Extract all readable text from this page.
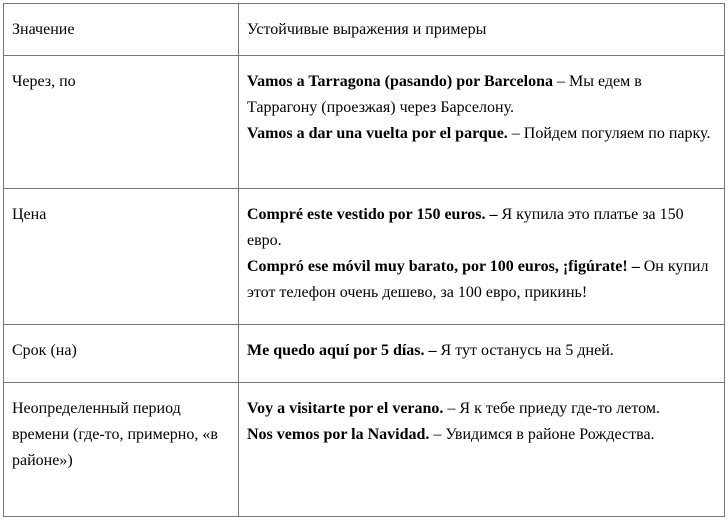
Значение	Устойчивые выражения и примеры
Через, по	Vamos a Tarragona (pasando) por Barcelona – Мы едем в Таррагону (проезжая) через Барселону.

Vamos a dar una vuelta por el parque. – Пойдем погуляем по парку.

Цена	Compré este vestido por 150 euros. – Я купила это платье за 150 евро.

Compró ese móvil muy barato, por 100 euros, ¡figúrate! – Он купил этот телефон очень дешево, за 100 евро, прикинь!

Срок (на)	Me quedo aquí por 5 días. – Я тут останусь на 5 дней.

Неопределенный период времени (где-то, примерно, «в районе»)	Voy a visitarte por el verano. – Я к тебе приеду где-то летом.

Nos vemos por la Navidad. – Увидимся в районе Рождества.
